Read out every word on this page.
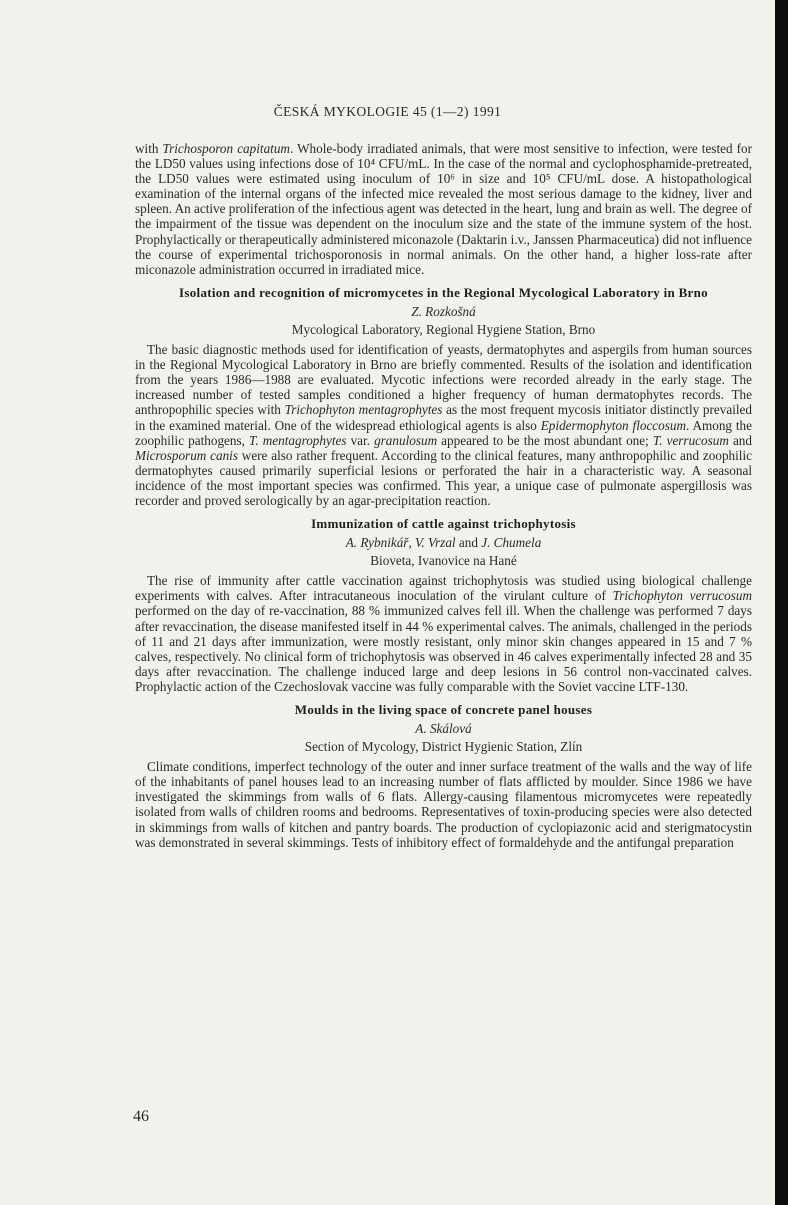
ČESKÁ MYKOLOGIE 45 (1—2) 1991

with Trichosporon capitatum. Whole-body irradiated animals, that were most sensitive to infection, were tested for the LD50 values using infections dose of 10⁴ CFU/mL. In the case of the normal and cyclophosphamide-pretreated, the LD50 values were estimated using inoculum of 10⁶ in size and 10⁵ CFU/mL dose. A histopathological examination of the internal organs of the infected mice revealed the most serious damage to the kidney, liver and spleen. An active proliferation of the infectious agent was detected in the heart, lung and brain as well. The degree of the impairment of the tissue was dependent on the inoculum size and the state of the immune system of the host. Prophylactically or therapeutically administered miconazole (Daktarin i.v., Janssen Pharmaceutica) did not influence the course of experimental trichosporonosis in normal animals. On the other hand, a higher loss-rate after miconazole administration occurred in irradiated mice.

Isolation and recognition of micromycetes in the Regional Mycological Laboratory in Brno
Z. Rozkošná
Mycological Laboratory, Regional Hygiene Station, Brno

The basic diagnostic methods used for identification of yeasts, dermatophytes and aspergils from human sources in the Regional Mycological Laboratory in Brno are briefly commented. Results of the isolation and identification from the years 1986—1988 are evaluated. Mycotic infections were recorded already in the early stage. The increased number of tested samples conditioned a higher frequency of human dermatophytes records. The anthropophilic species with Trichophyton mentagrophytes as the most frequent mycosis initiator distinctly prevailed in the examined material. One of the widespread ethiological agents is also Epidermophyton floccosum. Among the zoophilic pathogens, T. mentagrophytes var. granulosum appeared to be the most abundant one; T. verrucosum and Microsporum canis were also rather frequent. According to the clinical features, many anthropophilic and zoophilic dermatophytes caused primarily superficial lesions or perforated the hair in a characteristic way. A seasonal incidence of the most important species was confirmed. This year, a unique case of pulmonate aspergillosis was recorder and proved serologically by an agar-precipitation reaction.

Immunization of cattle against trichophytosis
A. Rybnikář, V. Vrzal and J. Chumela
Bioveta, Ivanovice na Hané

The rise of immunity after cattle vaccination against trichophytosis was studied using biological challenge experiments with calves. After intracutaneous inoculation of the virulant culture of Trichophyton verrucosum performed on the day of re-vaccination, 88 % immunized calves fell ill. When the challenge was performed 7 days after revaccination, the disease manifested itself in 44 % experimental calves. The animals, challenged in the periods of 11 and 21 days after immunization, were mostly resistant, only minor skin changes appeared in 15 and 7 % calves, respectively. No clinical form of trichophytosis was observed in 46 calves experimentally infected 28 and 35 days after revaccination. The challenge induced large and deep lesions in 56 control non-vaccinated calves. Prophylactic action of the Czechoslovak vaccine was fully comparable with the Soviet vaccine LTF-130.

Moulds in the living space of concrete panel houses
A. Skálová
Section of Mycology, District Hygienic Station, Zlín

Climate conditions, imperfect technology of the outer and inner surface treatment of the walls and the way of life of the inhabitants of panel houses lead to an increasing number of flats afflicted by moulder. Since 1986 we have investigated the skimmings from walls of 6 flats. Allergy-causing filamentous micromycetes were repeatedly isolated from walls of children rooms and bedrooms. Representatives of toxin-producing species were also detected in skimmings from walls of kitchen and pantry boards. The production of cyclopiazonic acid and sterigmatocystin was demonstrated in several skimmings. Tests of inhibitory effect of formaldehyde and the antifungal preparation

46
